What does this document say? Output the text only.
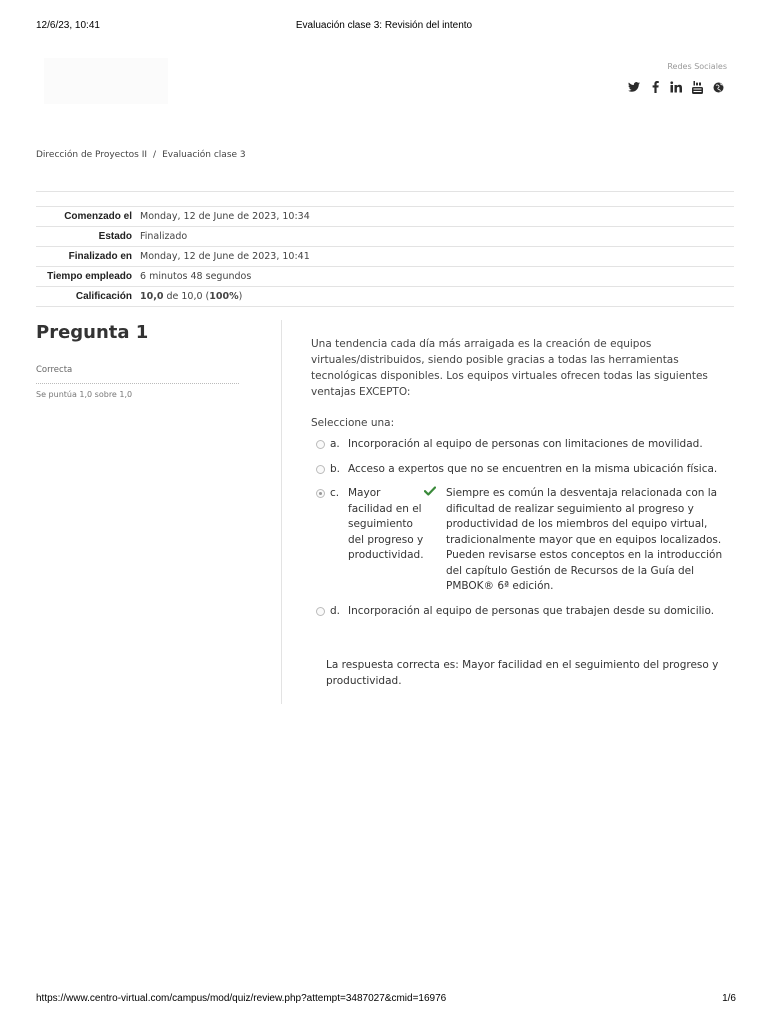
12/6/23, 10:41	Evaluación clase 3: Revisión del intento
Redes Sociales
Dirección de Proyectos II / Evaluación clase 3
Comenzado el	Monday, 12 de June de 2023, 10:34
Estado	Finalizado
Finalizado en	Monday, 12 de June de 2023, 10:41
Tiempo empleado	6 minutos 48 segundos
Calificación	10,0 de 10,0 (100%)
Pregunta 1
Correcta
Se puntúa 1,0 sobre 1,0
Una tendencia cada día más arraigada es la creación de equipos virtuales/distribuidos, siendo posible gracias a todas las herramientas tecnológicas disponibles. Los equipos virtuales ofrecen todas las siguientes ventajas EXCEPTO:
Seleccione una:
a. Incorporación al equipo de personas con limitaciones de movilidad.
b. Acceso a expertos que no se encuentren en la misma ubicación física.
c. Mayor facilidad en el seguimiento del progreso y productividad.
Siempre es común la desventaja relacionada con la dificultad de realizar seguimiento al progreso y productividad de los miembros del equipo virtual, tradicionalmente mayor que en equipos localizados. Pueden revisarse estos conceptos en la introducción del capítulo Gestión de Recursos de la Guía del PMBOK® 6ª edición.
d. Incorporación al equipo de personas que trabajen desde su domicilio.
La respuesta correcta es: Mayor facilidad en el seguimiento del progreso y productividad.
https://www.centro-virtual.com/campus/mod/quiz/review.php?attempt=3487027&cmid=16976	1/6
